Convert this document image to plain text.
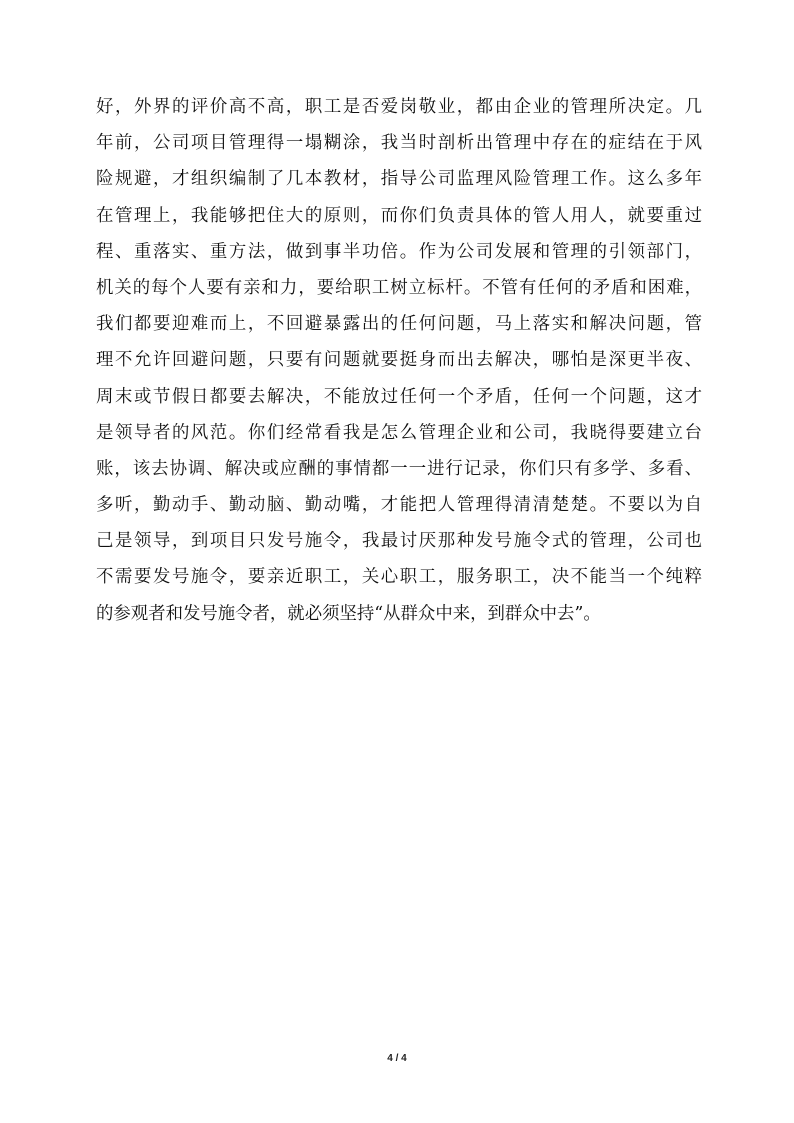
好，外界的评价高不高，职工是否爱岗敬业，都由企业的管理所决定。几
年前，公司项目管理得一塌糊涂，我当时剖析出管理中存在的症结在于风
险规避，才组织编制了几本教材，指导公司监理风险管理工作。这么多年
在管理上，我能够把住大的原则，而你们负责具体的管人用人，就要重过
程、重落实、重方法，做到事半功倍。作为公司发展和管理的引领部门，
机关的每个人要有亲和力，要给职工树立标杆。不管有任何的矛盾和困难，
我们都要迎难而上，不回避暴露出的任何问题，马上落实和解决问题，管
理不允许回避问题，只要有问题就要挺身而出去解决，哪怕是深更半夜、
周末或节假日都要去解决，不能放过任何一个矛盾，任何一个问题，这才
是领导者的风范。你们经常看我是怎么管理企业和公司，我晓得要建立台
账，该去协调、解决或应酬的事情都一一进行记录，你们只有多学、多看、
多听，勤动手、勤动脑、勤动嘴，才能把人管理得清清楚楚。不要以为自
己是领导，到项目只发号施令，我最讨厌那种发号施令式的管理，公司也
不需要发号施令，要亲近职工，关心职工，服务职工，决不能当一个纯粹
的参观者和发号施令者，就必须坚持“从群众中来，到群众中去”。
4 / 4
